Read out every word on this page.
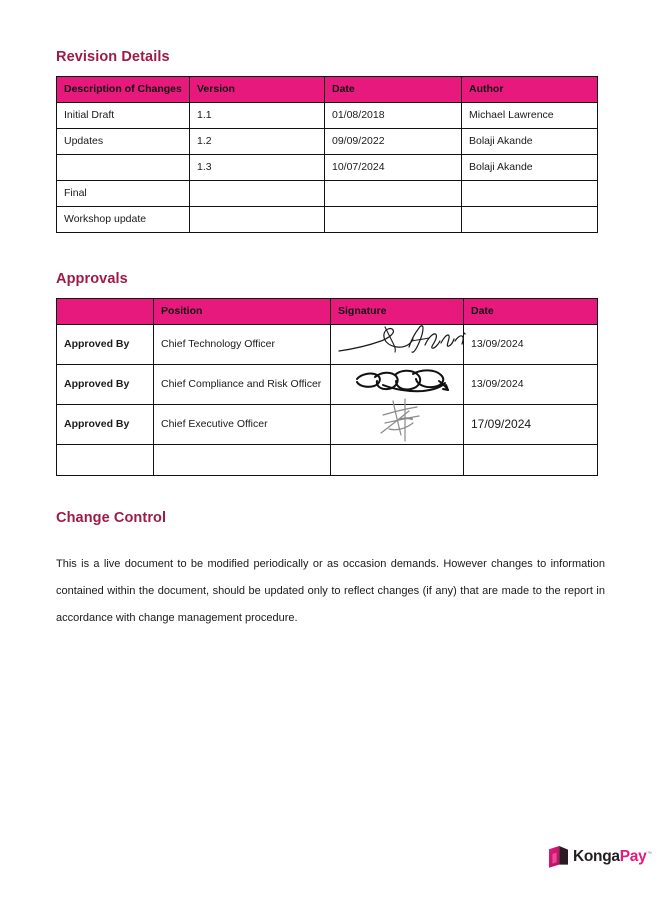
Revision Details
Description of Changes	Version	Date	Author
Initial Draft	1.1	01/08/2018	Michael Lawrence
Updates	1.2	09/09/2022	Bolaji Akande
	1.3	10/07/2024	Bolaji Akande
Final			
Workshop update			
Approvals
	Position	Signature	Date
Approved By	Chief Technology Officer		13/09/2024
Approved By	Chief Compliance and Risk Officer		13/09/2024
Approved By	Chief Executive Officer		17/09/2024

Change Control

This is a live document to be modified periodically or as occasion demands. However changes to information contained within the document, should be updated only to reflect changes (if any) that are made to the report in accordance with change management procedure.

KongaPay™
